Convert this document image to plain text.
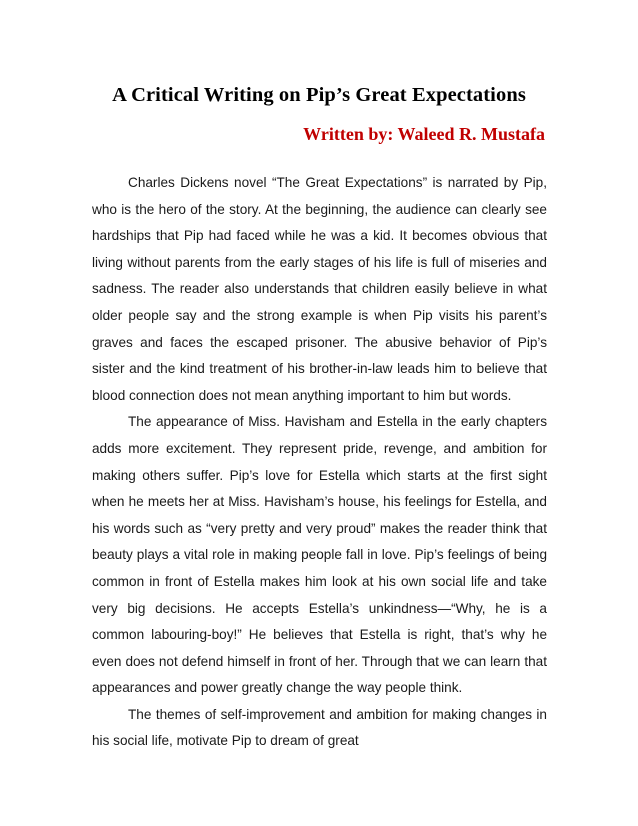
A Critical Writing on Pip’s Great Expectations

Written by: Waleed R. Mustafa

Charles Dickens novel “The Great Expectations” is narrated by Pip, who is the hero of the story. At the beginning, the audience can clearly see hardships that Pip had faced while he was a kid. It becomes obvious that living without parents from the early stages of his life is full of miseries and sadness. The reader also understands that children easily believe in what older people say and the strong example is when Pip visits his parent’s graves and faces the escaped prisoner. The abusive behavior of Pip’s sister and the kind treatment of his brother-in-law leads him to believe that blood connection does not mean anything important to him but words.

The appearance of Miss. Havisham and Estella in the early chapters adds more excitement. They represent pride, revenge, and ambition for making others suffer. Pip’s love for Estella which starts at the first sight when he meets her at Miss. Havisham’s house, his feelings for Estella, and his words such as “very pretty and very proud” makes the reader think that beauty plays a vital role in making people fall in love. Pip’s feelings of being common in front of Estella makes him look at his own social life and take very big decisions. He accepts Estella’s unkindness—“Why, he is a common labouring-boy!” He believes that Estella is right, that’s why he even does not defend himself in front of her. Through that we can learn that appearances and power greatly change the way people think.

The themes of self-improvement and ambition for making changes in his social life, motivate Pip to dream of great
